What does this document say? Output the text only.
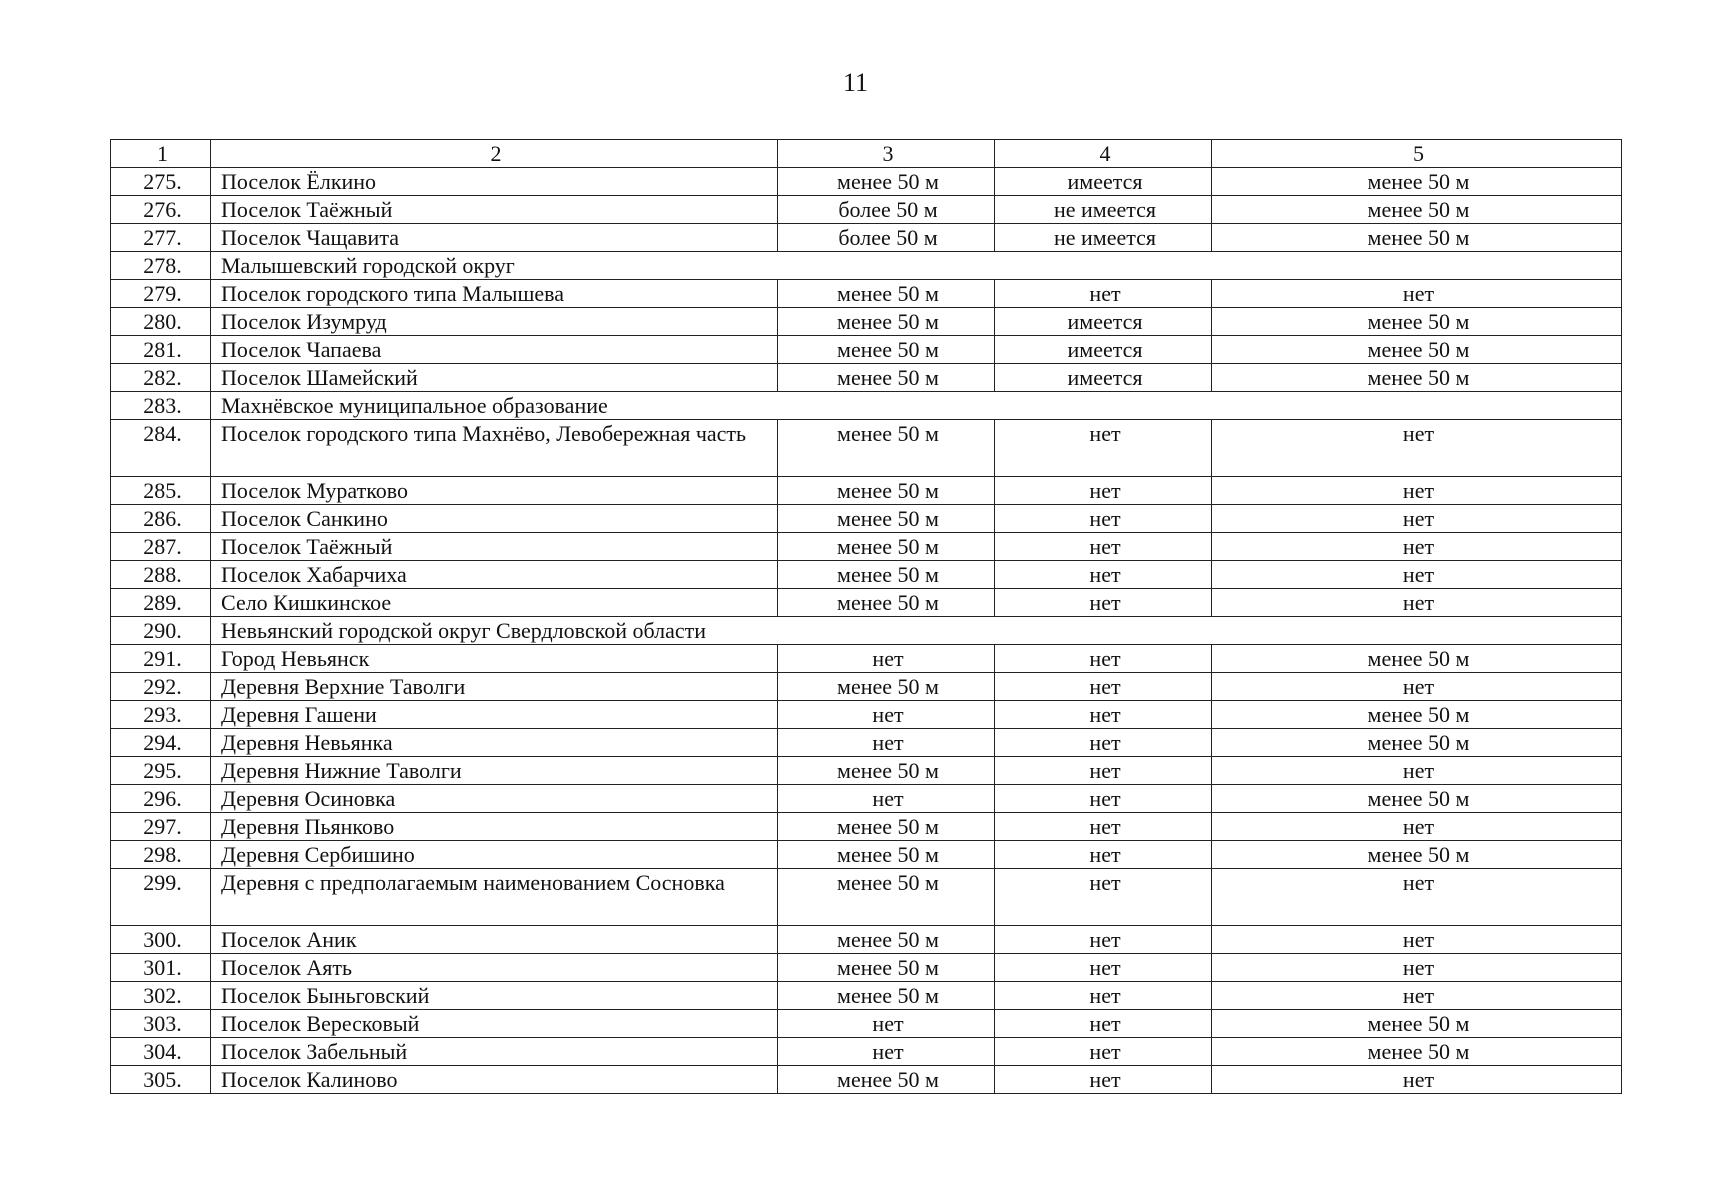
11
1	2	3	4	5
275.	Поселок Ёлкино	менее 50 м	имеется	менее 50 м
276.	Поселок Таёжный	более 50 м	не имеется	менее 50 м
277.	Поселок Чащавита	более 50 м	не имеется	менее 50 м
278.	Малышевский городской округ			
279.	Поселок городского типа Малышева	менее 50 м	нет	нет
280.	Поселок Изумруд	менее 50 м	имеется	менее 50 м
281.	Поселок Чапаева	менее 50 м	имеется	менее 50 м
282.	Поселок Шамейский	менее 50 м	имеется	менее 50 м
283.	Махнёвское муниципальное образование			
284.	Поселок городского типа Махнёво, Левобережная часть	менее 50 м	нет	нет
285.	Поселок Муратково	менее 50 м	нет	нет
286.	Поселок Санкино	менее 50 м	нет	нет
287.	Поселок Таёжный	менее 50 м	нет	нет
288.	Поселок Хабарчиха	менее 50 м	нет	нет
289.	Село Кишкинское	менее 50 м	нет	нет
290.	Невьянский городской округ Свердловской области			
291.	Город Невьянск	нет	нет	менее 50 м
292.	Деревня Верхние Таволги	менее 50 м	нет	нет
293.	Деревня Гашени	нет	нет	менее 50 м
294.	Деревня Невьянка	нет	нет	менее 50 м
295.	Деревня Нижние Таволги	менее 50 м	нет	нет
296.	Деревня Осиновка	нет	нет	менее 50 м
297.	Деревня Пьянково	менее 50 м	нет	нет
298.	Деревня Сербишино	менее 50 м	нет	менее 50 м
299.	Деревня с предполагаемым наименованием Сосновка	менее 50 м	нет	нет
300.	Поселок Аник	менее 50 м	нет	нет
301.	Поселок Аять	менее 50 м	нет	нет
302.	Поселок Быньговский	менее 50 м	нет	нет
303.	Поселок Вересковый	нет	нет	менее 50 м
304.	Поселок Забельный	нет	нет	менее 50 м
305.	Поселок Калиново	менее 50 м	нет	нет
